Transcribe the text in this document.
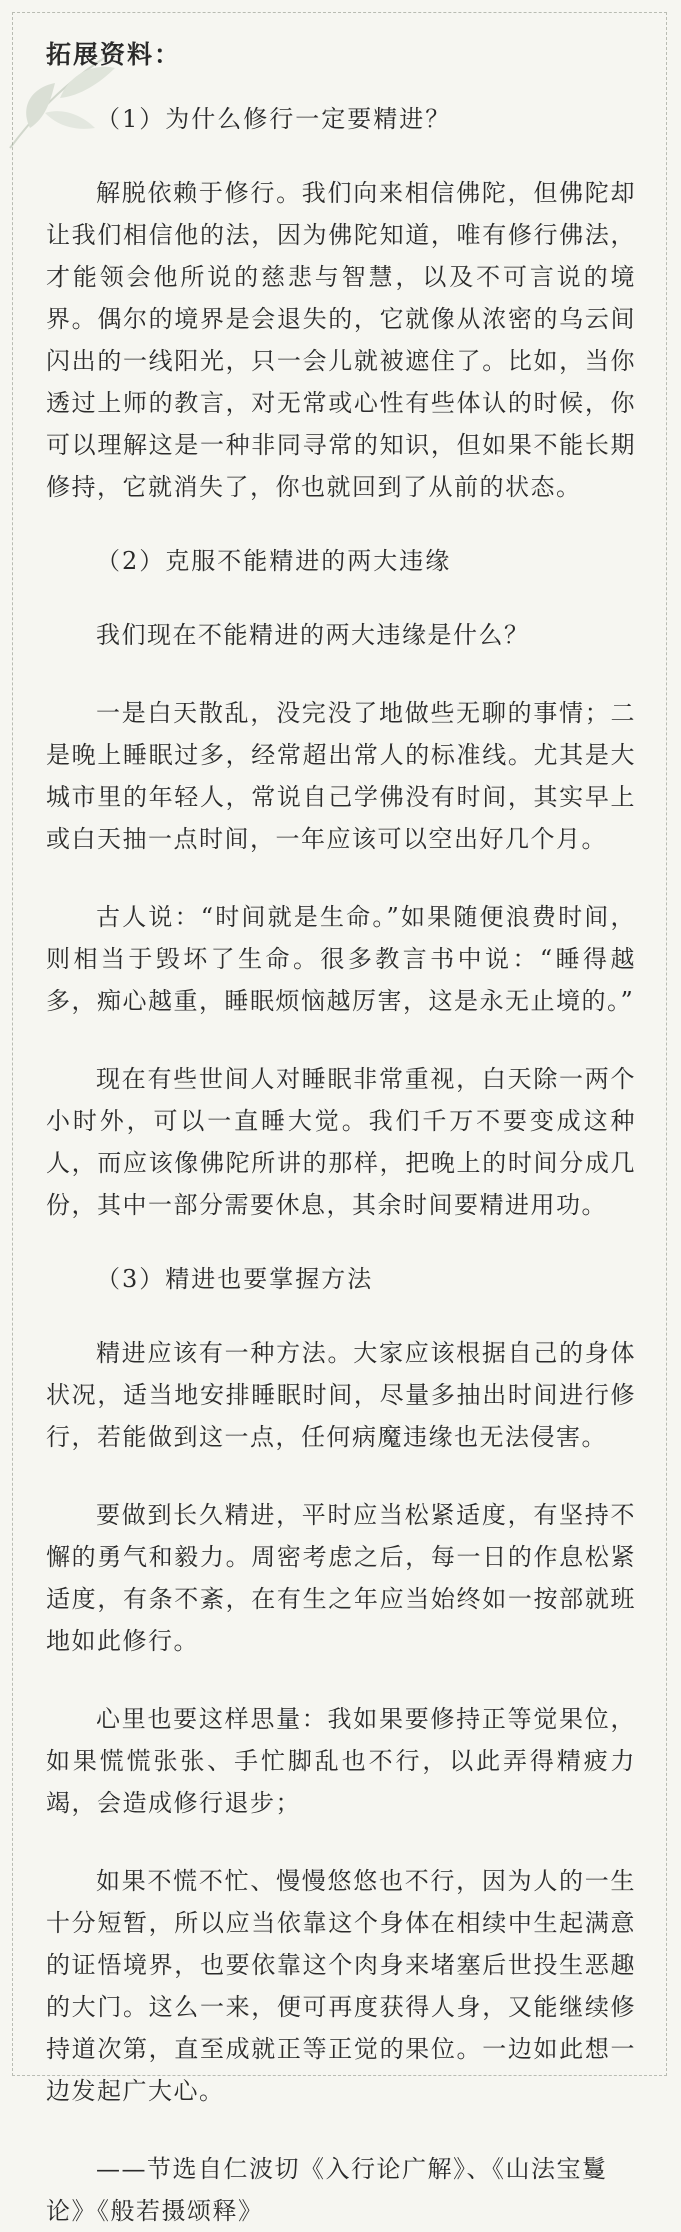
拓展资料：
（1）为什么修行一定要精进？

解脱依赖于修行。我们向来相信佛陀，但佛陀却让我们相信他的法，因为佛陀知道，唯有修行佛法，才能领会他所说的慈悲与智慧，以及不可言说的境界。偶尔的境界是会退失的，它就像从浓密的乌云间闪出的一线阳光，只一会儿就被遮住了。比如，当你透过上师的教言，对无常或心性有些体认的时候，你可以理解这是一种非同寻常的知识，但如果不能长期修持，它就消失了，你也就回到了从前的状态。

（2）克服不能精进的两大违缘

我们现在不能精进的两大违缘是什么？

一是白天散乱，没完没了地做些无聊的事情；二是晚上睡眠过多，经常超出常人的标准线。尤其是大城市里的年轻人，常说自己学佛没有时间，其实早上或白天抽一点时间，一年应该可以空出好几个月。

古人说：“时间就是生命。”如果随便浪费时间，则相当于毁坏了生命。很多教言书中说：“睡得越多，痴心越重，睡眠烦恼越厉害，这是永无止境的。”

现在有些世间人对睡眠非常重视，白天除一两个小时外，可以一直睡大觉。我们千万不要变成这种人，而应该像佛陀所讲的那样，把晚上的时间分成几份，其中一部分需要休息，其余时间要精进用功。

（3）精进也要掌握方法

精进应该有一种方法。大家应该根据自己的身体状况，适当地安排睡眠时间，尽量多抽出时间进行修行，若能做到这一点，任何病魔违缘也无法侵害。

要做到长久精进，平时应当松紧适度，有坚持不懈的勇气和毅力。周密考虑之后，每一日的作息松紧适度，有条不紊，在有生之年应当始终如一按部就班地如此修行。

心里也要这样思量：我如果要修持正等觉果位，如果慌慌张张、手忙脚乱也不行，以此弄得精疲力竭，会造成修行退步；

如果不慌不忙、慢慢悠悠也不行，因为人的一生十分短暂，所以应当依靠这个身体在相续中生起满意的证悟境界，也要依靠这个肉身来堵塞后世投生恶趣的大门。这么一来，便可再度获得人身，又能继续修持道次第，直至成就正等正觉的果位。一边如此想一边发起广大心。

——节选自仁波切《入行论广解》、《山法宝鬘论》《般若摄颂释》
